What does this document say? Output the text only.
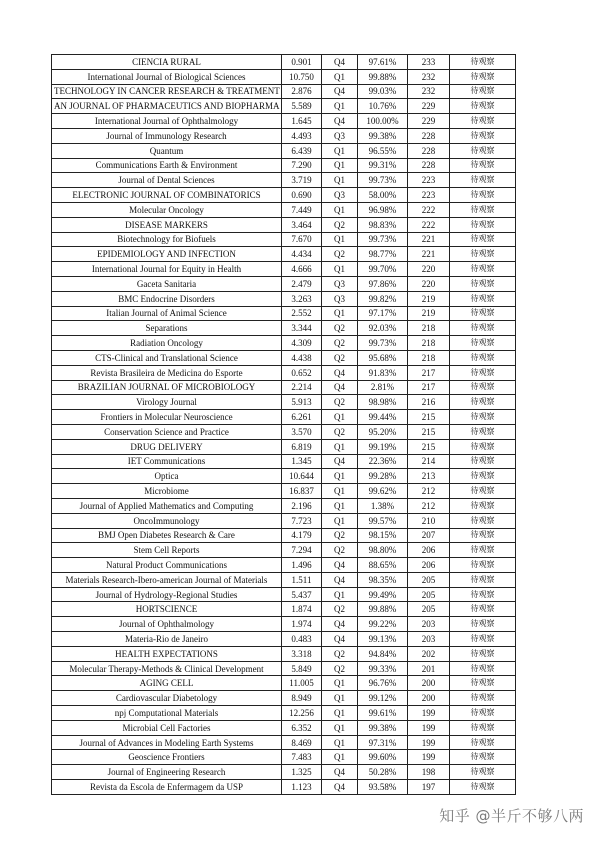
CIENCIA RURAL	0.901	Q4	97.61%	233	待观察
International Journal of Biological Sciences	10.750	Q1	99.88%	232	待观察
TECHNOLOGY IN CANCER RESEARCH & TREATMENT	2.876	Q4	99.03%	232	待观察
AN JOURNAL OF PHARMACEUTICS AND BIOPHARMA	5.589	Q1	10.76%	229	待观察
International Journal of Ophthalmology	1.645	Q4	100.00%	229	待观察
Journal of Immunology Research	4.493	Q3	99.38%	228	待观察
Quantum	6.439	Q1	96.55%	228	待观察
Communications Earth & Environment	7.290	Q1	99.31%	228	待观察
Journal of Dental Sciences	3.719	Q1	99.73%	223	待观察
ELECTRONIC JOURNAL OF COMBINATORICS	0.690	Q3	58.00%	223	待观察
Molecular Oncology	7.449	Q1	96.98%	222	待观察
DISEASE MARKERS	3.464	Q2	98.83%	222	待观察
Biotechnology for Biofuels	7.670	Q1	99.73%	221	待观察
EPIDEMIOLOGY AND INFECTION	4.434	Q2	98.77%	221	待观察
International Journal for Equity in Health	4.666	Q1	99.70%	220	待观察
Gaceta Sanitaria	2.479	Q3	97.86%	220	待观察
BMC Endocrine Disorders	3.263	Q3	99.82%	219	待观察
Italian Journal of Animal Science	2.552	Q1	97.17%	219	待观察
Separations	3.344	Q2	92.03%	218	待观察
Radiation Oncology	4.309	Q2	99.73%	218	待观察
CTS-Clinical and Translational Science	4.438	Q2	95.68%	218	待观察
Revista Brasileira de Medicina do Esporte	0.652	Q4	91.83%	217	待观察
BRAZILIAN JOURNAL OF MICROBIOLOGY	2.214	Q4	2.81%	217	待观察
Virology Journal	5.913	Q2	98.98%	216	待观察
Frontiers in Molecular Neuroscience	6.261	Q1	99.44%	215	待观察
Conservation Science and Practice	3.570	Q2	95.20%	215	待观察
DRUG DELIVERY	6.819	Q1	99.19%	215	待观察
IET Communications	1.345	Q4	22.36%	214	待观察
Optica	10.644	Q1	99.28%	213	待观察
Microbiome	16.837	Q1	99.62%	212	待观察
Journal of Applied Mathematics and Computing	2.196	Q1	1.38%	212	待观察
OncoImmunology	7.723	Q1	99.57%	210	待观察
BMJ Open Diabetes Research & Care	4.179	Q2	98.15%	207	待观察
Stem Cell Reports	7.294	Q2	98.80%	206	待观察
Natural Product Communications	1.496	Q4	88.65%	206	待观察
Materials Research-Ibero-american Journal of Materials	1.511	Q4	98.35%	205	待观察
Journal of Hydrology-Regional Studies	5.437	Q1	99.49%	205	待观察
HORTSCIENCE	1.874	Q2	99.88%	205	待观察
Journal of Ophthalmology	1.974	Q4	99.22%	203	待观察
Materia-Rio de Janeiro	0.483	Q4	99.13%	203	待观察
HEALTH EXPECTATIONS	3.318	Q2	94.84%	202	待观察
Molecular Therapy-Methods & Clinical Development	5.849	Q2	99.33%	201	待观察
AGING CELL	11.005	Q1	96.76%	200	待观察
Cardiovascular Diabetology	8.949	Q1	99.12%	200	待观察
npj Computational Materials	12.256	Q1	99.61%	199	待观察
Microbial Cell Factories	6.352	Q1	99.38%	199	待观察
Journal of Advances in Modeling Earth Systems	8.469	Q1	97.31%	199	待观察
Geoscience Frontiers	7.483	Q1	99.60%	199	待观察
Journal of Engineering Research	1.325	Q4	50.28%	198	待观察
Revista da Escola de Enfermagem da USP	1.123	Q4	93.58%	197	待观察
知乎 @半斤不够八两
